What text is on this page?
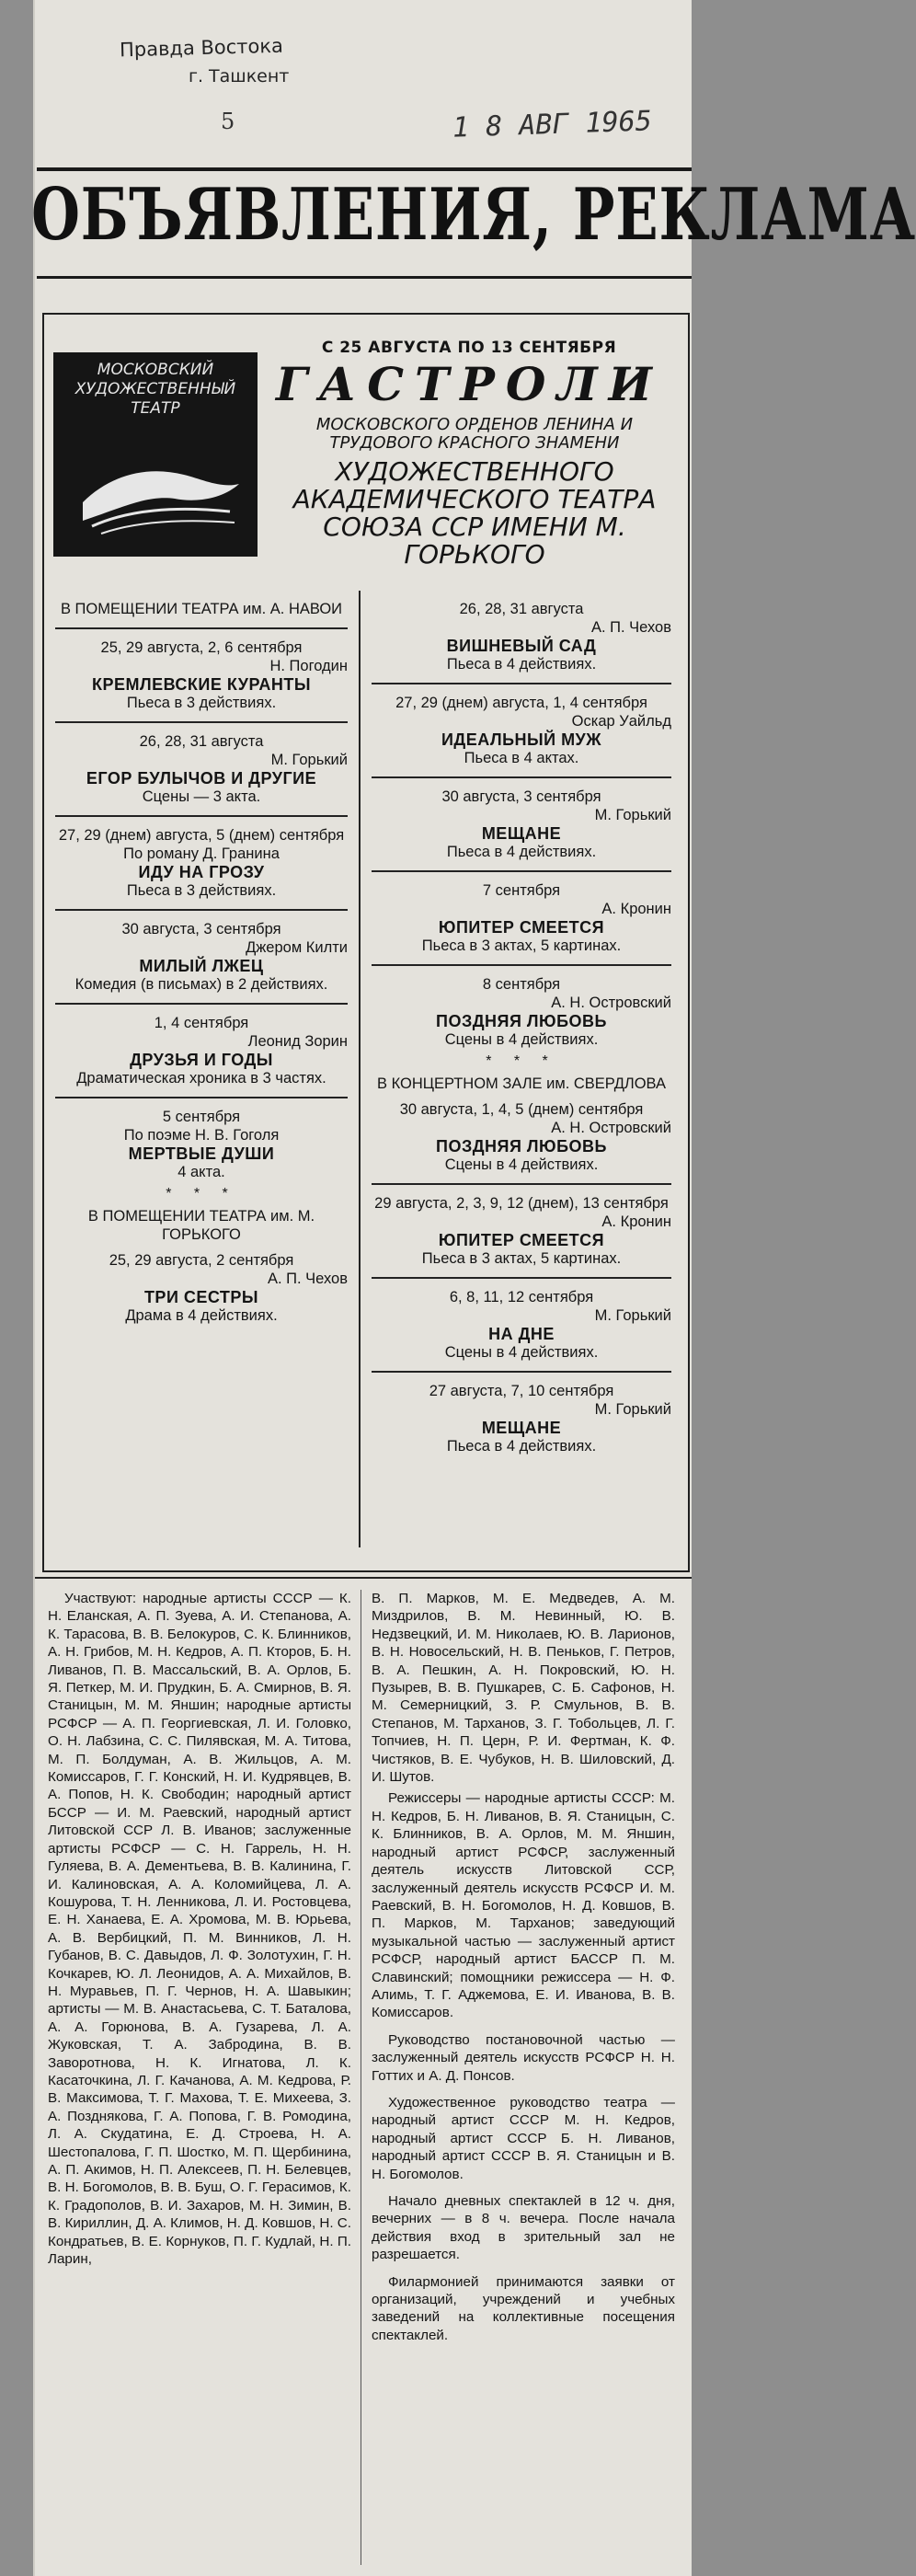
Правда Востока
г. Ташкент
5	1 8 АВГ 1965
ОБЪЯВЛЕНИЯ, РЕКЛАМА
МОСКОВСКИЙ ХУДОЖЕСТВЕННЫЙ ТЕАТР
С 25 АВГУСТА ПО 13 СЕНТЯБРЯ
ГАСТРОЛИ
МОСКОВСКОГО ОРДЕНОВ ЛЕНИНА И ТРУДОВОГО КРАСНОГО ЗНАМЕНИ
ХУДОЖЕСТВЕННОГО АКАДЕМИЧЕСКОГО ТЕАТРА СОЮЗА ССР ИМЕНИ М. ГОРЬКОГО
В ПОМЕЩЕНИИ ТЕАТРА им. А. НАВОИ
25, 29 августа, 2, 6 сентября
Н. Погодин
КРЕМЛЕВСКИЕ КУРАНТЫ
Пьеса в 3 действиях.
26, 28, 31 августа
М. Горький
ЕГОР БУЛЫЧОВ И ДРУГИЕ
Сцены — 3 акта.
27, 29 (днем) августа, 5 (днем) сентября
По роману Д. Гранина
ИДУ НА ГРОЗУ
Пьеса в 3 действиях.
30 августа, 3 сентября
Джером Килти
МИЛЫЙ ЛЖЕЦ
Комедия (в письмах) в 2 действиях.
1, 4 сентября
Леонид Зорин
ДРУЗЬЯ И ГОДЫ
Драматическая хроника в 3 частях.
5 сентября
По поэме Н. В. Гоголя
МЕРТВЫЕ ДУШИ
4 акта.
* * *
В ПОМЕЩЕНИИ ТЕАТРА им. М. ГОРЬКОГО
25, 29 августа, 2 сентября
А. П. Чехов
ТРИ СЕСТРЫ
Драма в 4 действиях.
26, 28, 31 августа
А. П. Чехов
ВИШНЕВЫЙ САД
Пьеса в 4 действиях.
27, 29 (днем) августа, 1, 4 сентября
Оскар Уайльд
ИДЕАЛЬНЫЙ МУЖ
Пьеса в 4 актах.
30 августа, 3 сентября
М. Горький
МЕЩАНЕ
Пьеса в 4 действиях.
7 сентября
А. Кронин
ЮПИТЕР СМЕЕТСЯ
Пьеса в 3 актах, 5 картинах.
8 сентября
А. Н. Островский
ПОЗДНЯЯ ЛЮБОВЬ
Сцены в 4 действиях.
* * *
В КОНЦЕРТНОМ ЗАЛЕ им. СВЕРДЛОВА
30 августа, 1, 4, 5 (днем) сентября
А. Н. Островский
ПОЗДНЯЯ ЛЮБОВЬ
Сцены в 4 действиях.
29 августа, 2, 3, 9, 12 (днем), 13 сентября
А. Кронин
ЮПИТЕР СМЕЕТСЯ
Пьеса в 3 актах, 5 картинах.
6, 8, 11, 12 сентября
М. Горький
НА ДНЕ
Сцены в 4 действиях.
27 августа, 7, 10 сентября
М. Горький
МЕЩАНЕ
Пьеса в 4 действиях.
Участвуют: народные артисты СССР — К. Н. Еланская, А. П. Зуева, А. И. Степанова, А. К. Тарасова, В. В. Белокуров, С. К. Блинников, А. Н. Грибов, М. Н. Кедров, А. П. Кторов, Б. Н. Ливанов, П. В. Массальский, В. А. Орлов, Б. Я. Петкер, М. И. Прудкин, Б. А. Смирнов, В. Я. Станицын, М. М. Яншин; народные артисты РСФСР — А. П. Георгиевская, Л. И. Головко, О. Н. Лабзина, С. С. Пилявская, М. А. Титова, М. П. Болдуман, А. В. Жильцов, А. М. Комиссаров, Г. Г. Конский, Н. И. Кудрявцев, В. А. Попов, Н. К. Свободин; народный артист БССР — И. М. Раевский, народный артист Литовской ССР Л. В. Иванов; заслуженные артисты РСФСР — С. Н. Гаррель, Н. Н. Гуляева, В. А. Дементьева, В. В. Калинина, Г. И. Калиновская, А. А. Коломийцева, Л. А. Кошурова, Т. Н. Ленникова, Л. И. Ростовцева, Е. Н. Ханаева, Е. А. Хромова, М. В. Юрьева, А. В. Вербицкий, П. М. Винников, Л. Н. Губанов, В. С. Давыдов, Л. Ф. Золотухин, Г. Н. Кочкарев, Ю. Л. Леонидов, А. А. Михайлов, В. Н. Муравьев, П. Г. Чернов, Н. А. Шавыкин; артисты — М. В. Анастасьева, С. Т. Баталова, А. А. Горюнова, В. А. Гузарева, Л. А. Жуковская, Т. А. Забродина, В. В. Заворотнова, Н. К. Игнатова, Л. К. Касаточкина, Л. Г. Качанова, А. М. Кедрова, Р. В. Максимова, Т. Г. Махова, Т. Е. Михеева, З. А. Позднякова, Г. А. Попова, Г. В. Ромодина, Л. А. Скудатина, Е. Д. Строева, Н. А. Шестопалова, Г. П. Шостко, М. П. Щербинина, А. П. Акимов, Н. П. Алексеев, П. Н. Белевцев, В. Н. Богомолов, В. В. Буш, О. Г. Герасимов, К. К. Градополов, В. И. Захаров, М. Н. Зимин, В. В. Кириллин, Д. А. Климов, Н. Д. Ковшов, Н. С. Кондратьев, В. Е. Корнуков, П. Г. Кудлай, Н. П. Ларин,
В. П. Марков, М. Е. Медведев, А. М. Миздрилов, В. М. Невинный, Ю. В. Недзвецкий, И. М. Николаев, Ю. В. Ларионов, В. Н. Новосельский, Н. В. Пеньков, Г. Петров, В. А. Пешкин, А. Н. Покровский, Ю. Н. Пузырев, В. В. Пушкарев, С. Б. Сафонов, Н. М. Семерницкий, З. Р. Смульнов, В. В. Степанов, М. Тарханов, З. Г. Тобольцев, Л. Г. Топчиев, Н. П. Церн, Р. И. Фертман, К. Ф. Чистяков, В. Е. Чубуков, Н. В. Шиловский, Д. И. Шутов.
Режиссеры — народные артисты СССР: М. Н. Кедров, Б. Н. Ливанов, В. Я. Станицын, С. К. Блинников, В. А. Орлов, М. М. Яншин, народный артист РСФСР, заслуженный деятель искусств Литовской ССР, заслуженный деятель искусств РСФСР И. М. Раевский, В. Н. Богомолов, Н. Д. Ковшов, В. П. Марков, М. Тарханов; заведующий музыкальной частью — заслуженный артист РСФСР, народный артист БАССР П. М. Славинский; помощники режиссера — Н. Ф. Алимь, Т. Г. Аджемова, Е. И. Иванова, В. В. Комиссаров.
Руководство постановочной частью — заслуженный деятель искусств РСФСР Н. Н. Готтих и А. Д. Понсов.
Художественное руководство театра — народный артист СССР М. Н. Кедров, народный артист СССР Б. Н. Ливанов, народный артист СССР В. Я. Станицын и В. Н. Богомолов.
Начало дневных спектаклей в 12 ч. дня, вечерних — в 8 ч. вечера. После начала действия вход в зрительный зал не разрешается.
Филармонией принимаются заявки от организаций, учреждений и учебных заведений на коллективные посещения спектаклей.
